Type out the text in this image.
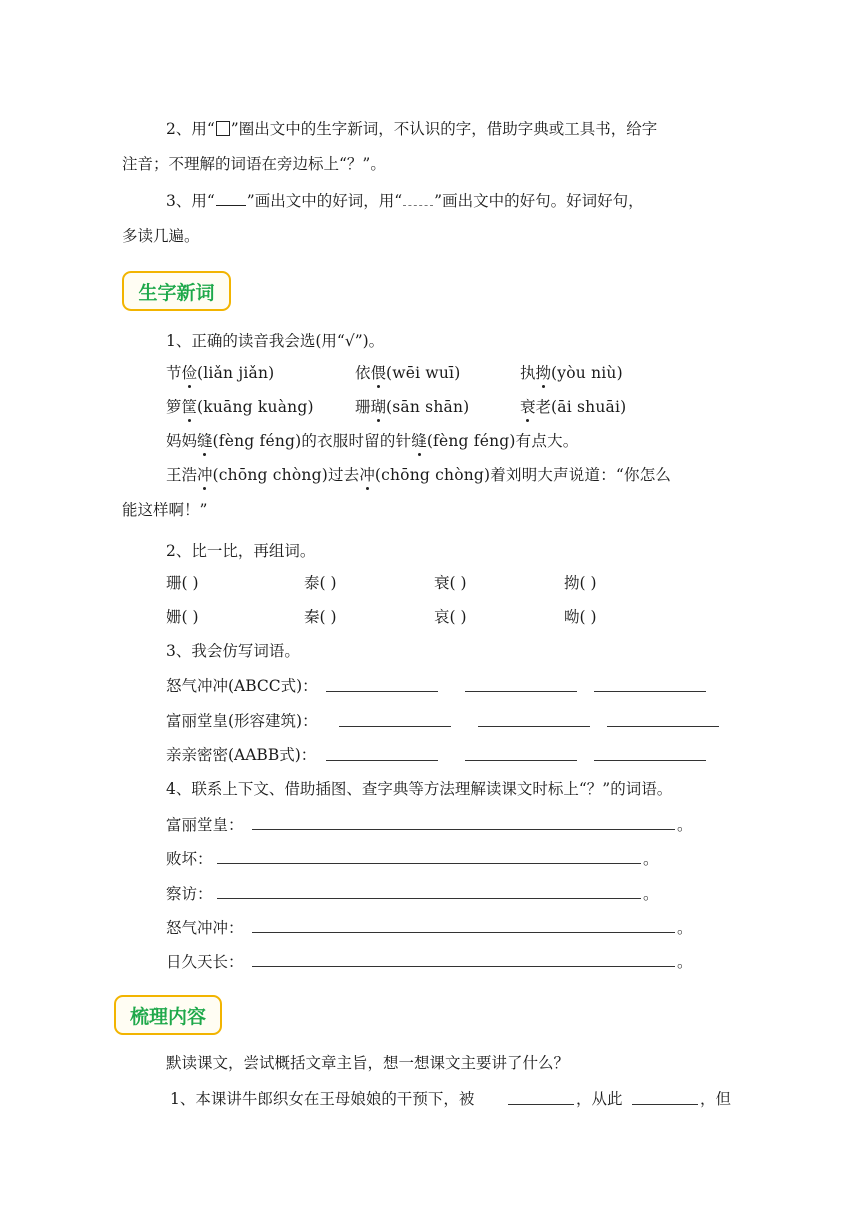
2、用“ ”圈出文中的生字新词，不认识的字，借助字典或工具书，给字
注音；不理解的词语在旁边标上“？”。
3、用“ ”画出文中的好词，用“ ”画出文中的好句。好词好句，
多读几遍。
生字新词
1、正确的读音我会选(用“√”)。
节俭(liǎn jiǎn)	依偎(wēi wuī)	执拗(yòu niù)
箩筐(kuāng kuàng)	珊瑚(sān shān)	衰老(āi shuāi)
妈妈缝(fèng féng)的衣服时留的针缝(fèng féng)有点大。
王浩冲(chōng chòng)过去冲(chōng chòng)着刘明大声说道：“你怎么
能这样啊！”
2、比一比，再组词。
珊( )	泰( )	衰( )	拗( )
姗( )	秦( )	哀( )	呦( )
3、我会仿写词语。
怒气冲冲(ABCC式)：
富丽堂皇(形容建筑)：
亲亲密密(AABB式)：
4、联系上下文、借助插图、查字典等方法理解读课文时标上“？”的词语。
富丽堂皇：	。
败坏：	。
察访：	。
怒气冲冲：	。
日久天长：	。
梳理内容
默读课文，尝试概括文章主旨，想一想课文主要讲了什么？
1、本课讲牛郎织女在王母娘娘的干预下，被	，从此	，但
